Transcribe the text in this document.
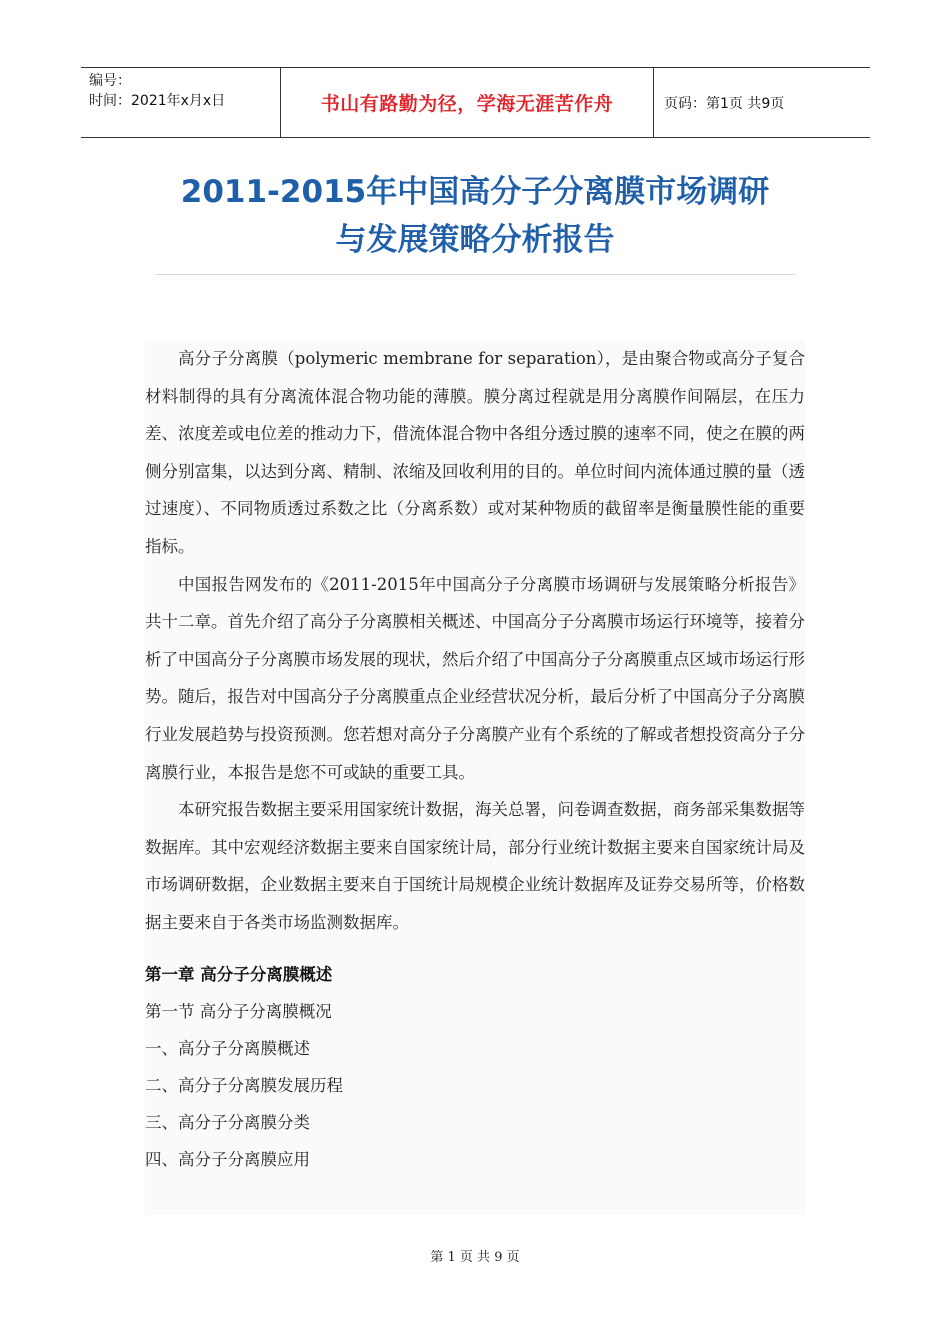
编号：
时间：2021年x月x日	书山有路勤为径，学海无涯苦作舟	页码：第1页 共9页
2011-2015年中国高分子分离膜市场调研
与发展策略分析报告

高分子分离膜（polymeric membrane for separation），是由聚合物或高分子复合材料制得的具有分离流体混合物功能的薄膜。膜分离过程就是用分离膜作间隔层，在压力差、浓度差或电位差的推动力下，借流体混合物中各组分透过膜的速率不同，使之在膜的两侧分别富集，以达到分离、精制、浓缩及回收利用的目的。单位时间内流体通过膜的量（透过速度）、不同物质透过系数之比（分离系数）或对某种物质的截留率是衡量膜性能的重要指标。

中国报告网发布的《2011-2015年中国高分子分离膜市场调研与发展策略分析报告》共十二章。首先介绍了高分子分离膜相关概述、中国高分子分离膜市场运行环境等，接着分析了中国高分子分离膜市场发展的现状，然后介绍了中国高分子分离膜重点区域市场运行形势。随后，报告对中国高分子分离膜重点企业经营状况分析，最后分析了中国高分子分离膜行业发展趋势与投资预测。您若想对高分子分离膜产业有个系统的了解或者想投资高分子分离膜行业，本报告是您不可或缺的重要工具。

本研究报告数据主要采用国家统计数据，海关总署，问卷调查数据，商务部采集数据等数据库。其中宏观经济数据主要来自国家统计局，部分行业统计数据主要来自国家统计局及市场调研数据，企业数据主要来自于国统计局规模企业统计数据库及证券交易所等，价格数据主要来自于各类市场监测数据库。

第一章 高分子分离膜概述

第一节 高分子分离膜概况

一、高分子分离膜概述

二、高分子分离膜发展历程

三、高分子分离膜分类

四、高分子分离膜应用

第 1 页 共 9 页
